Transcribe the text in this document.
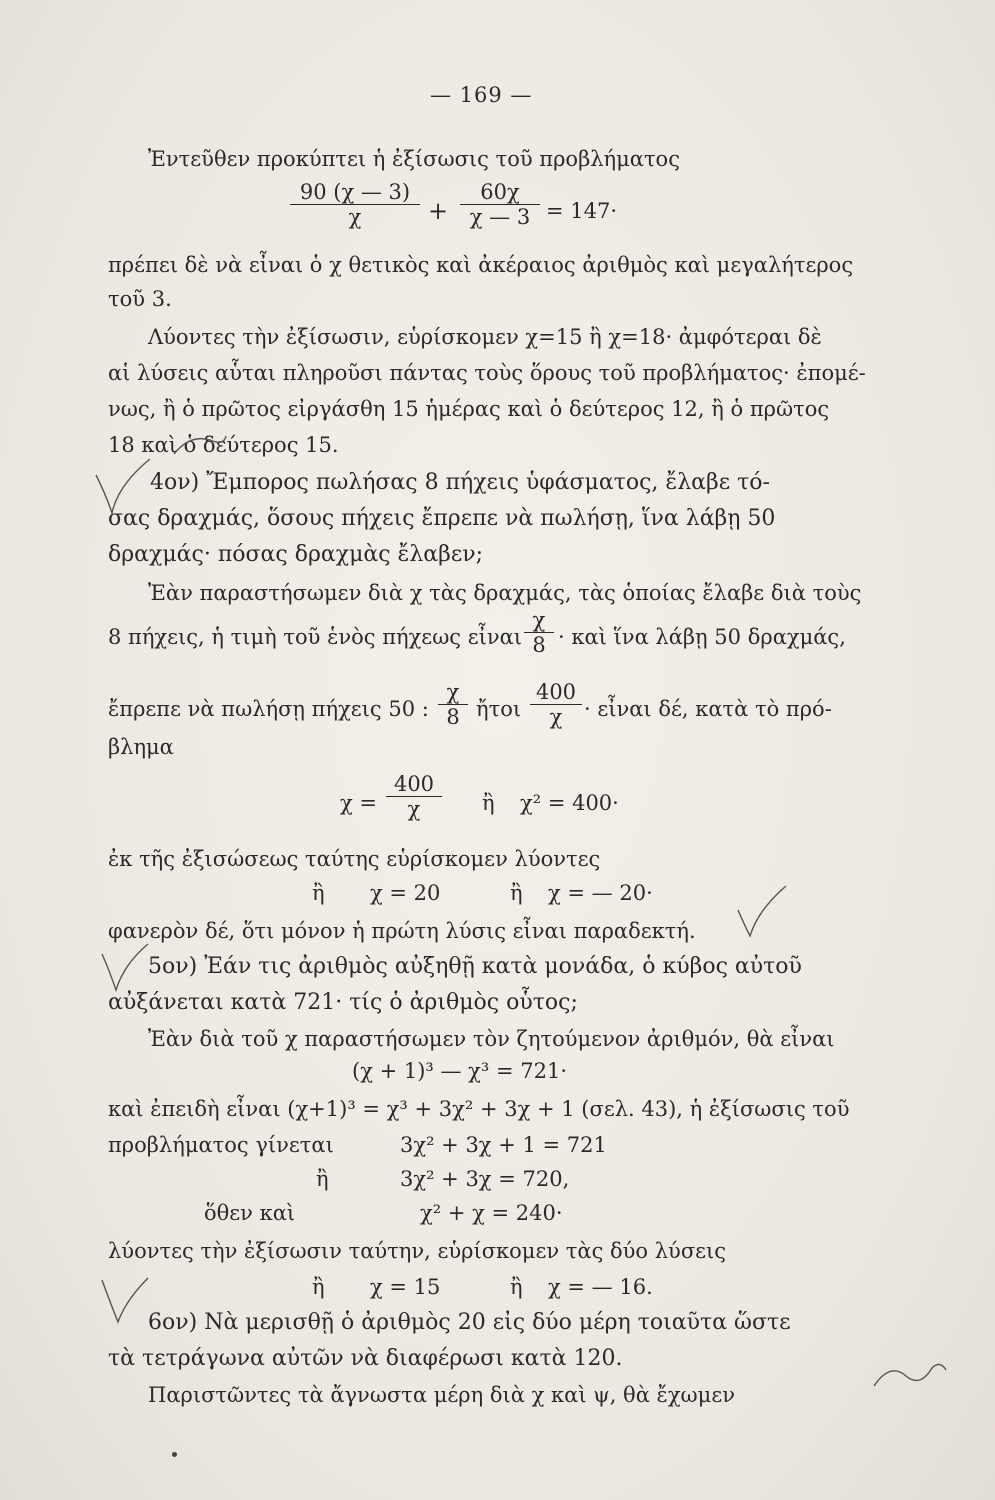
— 169 —
Ἐντεῦθεν προκύπτει ἡ ἐξίσωσις τοῦ προβλήματος
$\frac{90 (\chi — 3)}{\chi} + \frac{60\chi}{\chi — 3} = 147\cdot$
πρέπει δὲ νὰ εἶναι ὁ χ θετικὸς καὶ ἀκέραιος ἀριθμὸς καὶ μεγαλήτερος
τοῦ 3.
Λύοντες τὴν ἐξίσωσιν, εὑρίσκομεν χ=15 ἢ χ=18· ἀμφότεραι δὲ
αἱ λύσεις αὗται πληροῦσι πάντας τοὺς ὅρους τοῦ προβλήματος· ἐπομέ-
νως, ἢ ὁ πρῶτος εἰργάσθη 15 ἡμέρας καὶ ὁ δεύτερος 12, ἢ ὁ πρῶτος
18 καὶ ὁ δεύτερος 15.
4ον) Ἔμπορος πωλήσας 8 πήχεις ὑφάσματος, ἔλαβε τό-
σας δραχμάς, ὅσους πήχεις ἔπρεπε νὰ πωλήσῃ, ἵνα λάβῃ 50
δραχμάς· πόσας δραχμὰς ἔλαβεν;
Ἐὰν παραστήσωμεν διὰ χ τὰς δραχμάς, τὰς ὁποίας ἔλαβε διὰ τοὺς
8 πήχεις, ἡ τιμὴ τοῦ ἑνὸς πήχεως εἶναι $\frac{\chi}{8}$ · καὶ ἵνα λάβῃ 50 δραχμάς,
ἔπρεπε νὰ πωλήσῃ πήχεις 50 : $\frac{\chi}{8}$ ἤτοι $\frac{400}{\chi}$ · εἶναι δέ, κατὰ τὸ πρό-
βλημα
$\chi = \frac{400}{\chi}$ ἢ χ² = 400·
ἐκ τῆς ἐξισώσεως ταύτης εὑρίσκομεν λύοντες
ἢ χ = 20	ἢ χ = — 20·
φανερὸν δέ, ὅτι μόνον ἡ πρώτη λύσις εἶναι παραδεκτή.
5ον) Ἐάν τις ἀριθμὸς αὐξηθῇ κατὰ μονάδα, ὁ κύβος αὐτοῦ
αὐξάνεται κατὰ 721· τίς ὁ ἀριθμὸς οὗτος;
Ἐὰν διὰ τοῦ χ παραστήσωμεν τὸν ζητούμενον ἀριθμόν, θὰ εἶναι
(χ + 1)³ — χ³ = 721·
καὶ ἐπειδὴ εἶναι (χ+1)³ = χ³ + 3χ² + 3χ + 1 (σελ. 43), ἡ ἐξίσωσις τοῦ
προβλήματος γίνεται	3χ² + 3χ + 1 = 721
ἢ	3χ² + 3χ = 720,
ὅθεν καὶ	χ² + χ = 240·
λύοντες τὴν ἐξίσωσιν ταύτην, εὑρίσκομεν τὰς δύο λύσεις
ἢ χ = 15	ἢ χ = — 16.
6ον) Νὰ μερισθῇ ὁ ἀριθμὸς 20 εἰς δύο μέρη τοιαῦτα ὥστε
τὰ τετράγωνα αὐτῶν νὰ διαφέρωσι κατὰ 120.
Παριστῶντες τὰ ἄγνωστα μέρη διὰ χ καὶ ψ, θὰ ἔχωμεν
